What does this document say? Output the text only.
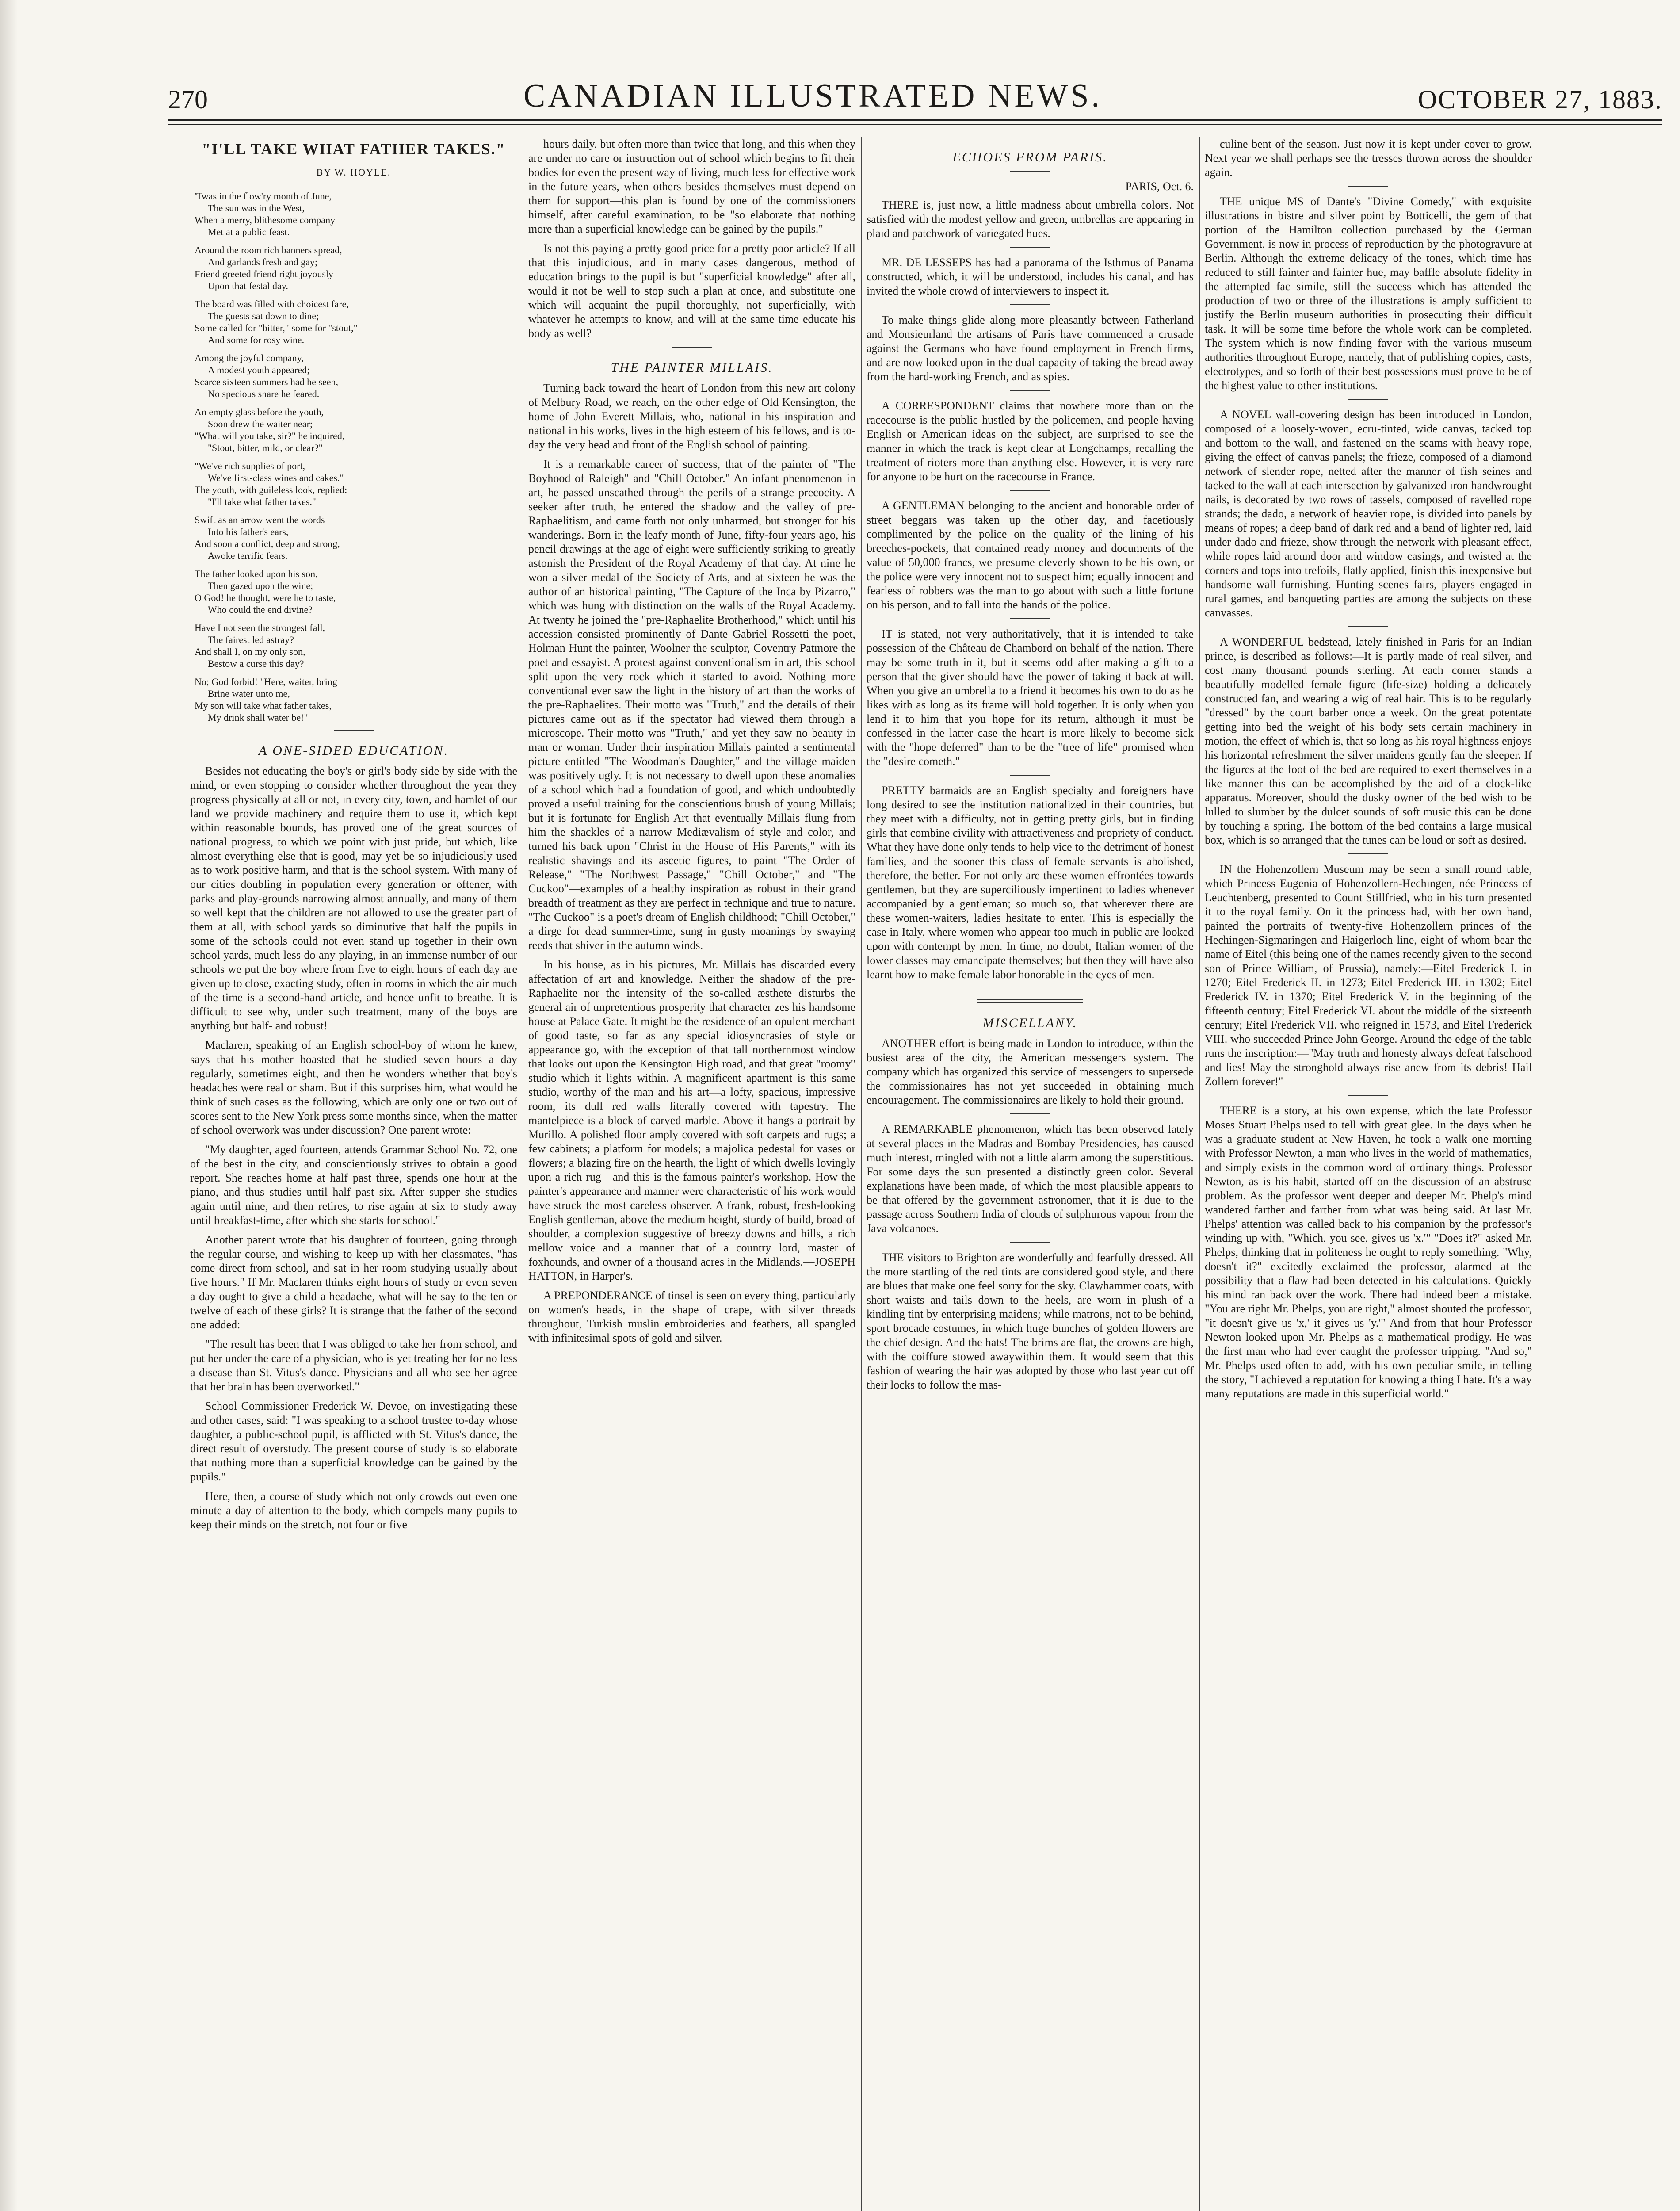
270	CANADIAN ILLUSTRATED NEWS.	OCTOBER 27, 1883.
"I'LL TAKE WHAT FATHER TAKES."
BY W. HOYLE.

'Twas in the flow'ry month of June,

The sun was in the West,

When a merry, blithesome company

Met at a public feast.

Around the room rich banners spread,

And garlands fresh and gay;

Friend greeted friend right joyously

Upon that festal day.

The board was filled with choicest fare,

The guests sat down to dine;

Some called for "bitter," some for "stout,"

And some for rosy wine.

Among the joyful company,

A modest youth appeared;

Scarce sixteen summers had he seen,

No specious snare he feared.

An empty glass before the youth,

Soon drew the waiter near;

"What will you take, sir?" he inquired,

"Stout, bitter, mild, or clear?"

"We've rich supplies of port,

We've first-class wines and cakes."

The youth, with guileless look, replied:

"I'll take what father takes."

Swift as an arrow went the words

Into his father's ears,

And soon a conflict, deep and strong,

Awoke terrific fears.

The father looked upon his son,

Then gazed upon the wine;

O God! he thought, were he to taste,

Who could the end divine?

Have I not seen the strongest fall,

The fairest led astray?

And shall I, on my only son,

Bestow a curse this day?

No; God forbid! "Here, waiter, bring

Brine water unto me,

My son will take what father takes,

My drink shall water be!"

A ONE-SIDED EDUCATION.

Besides not educating the boy's or girl's body side by side with the mind, or even stopping to consider whether throughout the year they progress physically at all or not, in every city, town, and hamlet of our land we provide machinery and require them to use it, which kept within reasonable bounds, has proved one of the great sources of national progress, to which we point with just pride, but which, like almost everything else that is good, may yet be so injudiciously used as to work positive harm, and that is the school system. With many of our cities doubling in population every generation or oftener, with parks and play-grounds narrowing almost annually, and many of them so well kept that the children are not allowed to use the greater part of them at all, with school yards so diminutive that half the pupils in some of the schools could not even stand up together in their own school yards, much less do any playing, in an immense number of our schools we put the boy where from five to eight hours of each day are given up to close, exacting study, often in rooms in which the air much of the time is a second-hand article, and hence unfit to breathe. It is difficult to see why, under such treatment, many of the boys are anything but half- and robust!

Maclaren, speaking of an English school-boy of whom he knew, says that his mother boasted that he studied seven hours a day regularly, sometimes eight, and then he wonders whether that boy's headaches were real or sham. But if this surprises him, what would he think of such cases as the following, which are only one or two out of scores sent to the New York press some months since, when the matter of school overwork was under discussion? One parent wrote:

"My daughter, aged fourteen, attends Grammar School No. 72, one of the best in the city, and conscientiously strives to obtain a good report. She reaches home at half past three, spends one hour at the piano, and thus studies until half past six. After supper she studies again until nine, and then retires, to rise again at six to study away until breakfast-time, after which she starts for school."

Another parent wrote that his daughter of fourteen, going through the regular course, and wishing to keep up with her classmates, "has come direct from school, and sat in her room studying usually about five hours." If Mr. Maclaren thinks eight hours of study or even seven a day ought to give a child a headache, what will he say to the ten or twelve of each of these girls? It is strange that the father of the second one added:

"The result has been that I was obliged to take her from school, and put her under the care of a physician, who is yet treating her for no less a disease than St. Vitus's dance. Physicians and all who see her agree that her brain has been overworked."

School Commissioner Frederick W. Devoe, on investigating these and other cases, said: "I was speaking to a school trustee to-day whose daughter, a public-school pupil, is afflicted with St. Vitus's dance, the direct result of overstudy. The present course of study is so elaborate that nothing more than a superficial knowledge can be gained by the pupils."

Here, then, a course of study which not only crowds out even one minute a day of attention to the body, which compels many pupils to keep their minds on the stretch, not four or five

hours daily, but often more than twice that long, and this when they are under no care or instruction out of school which begins to fit their bodies for even the present way of living, much less for effective work in the future years, when others besides themselves must depend on them for support—this plan is found by one of the commissioners himself, after careful examination, to be "so elaborate that nothing more than a superficial knowledge can be gained by the pupils."

Is not this paying a pretty good price for a pretty poor article? If all that this injudicious, and in many cases dangerous, method of education brings to the pupil is but "superficial knowledge" after all, would it not be well to stop such a plan at once, and substitute one which will acquaint the pupil thoroughly, not superficially, with whatever he attempts to know, and will at the same time educate his body as well?

THE PAINTER MILLAIS.

Turning back toward the heart of London from this new art colony of Melbury Road, we reach, on the other edge of Old Kensington, the home of John Everett Millais, who, national in his inspiration and national in his works, lives in the high esteem of his fellows, and is to-day the very head and front of the English school of painting.

It is a remarkable career of success, that of the painter of "The Boyhood of Raleigh" and "Chill October." An infant phenomenon in art, he passed unscathed through the perils of a strange precocity. A seeker after truth, he entered the shadow and the valley of pre-Raphaelitism, and came forth not only unharmed, but stronger for his wanderings. Born in the leafy month of June, fifty-four years ago, his pencil drawings at the age of eight were sufficiently striking to greatly astonish the President of the Royal Academy of that day. At nine he won a silver medal of the Society of Arts, and at sixteen he was the author of an historical painting, "The Capture of the Inca by Pizarro," which was hung with distinction on the walls of the Royal Academy. At twenty he joined the "pre-Raphaelite Brotherhood," which until his accession consisted prominently of Dante Gabriel Rossetti the poet, Holman Hunt the painter, Woolner the sculptor, Coventry Patmore the poet and essayist. A protest against conventionalism in art, this school split upon the very rock which it started to avoid. Nothing more conventional ever saw the light in the history of art than the works of the pre-Raphaelites. Their motto was "Truth," and the details of their pictures came out as if the spectator had viewed them through a microscope. Their motto was "Truth," and yet they saw no beauty in man or woman. Under their inspiration Millais painted a sentimental picture entitled "The Woodman's Daughter," and the village maiden was positively ugly. It is not necessary to dwell upon these anomalies of a school which had a foundation of good, and which undoubtedly proved a useful training for the conscientious brush of young Millais; but it is fortunate for English Art that eventually Millais flung from him the shackles of a narrow Mediævalism of style and color, and turned his back upon "Christ in the House of His Parents," with its realistic shavings and its ascetic figures, to paint "The Order of Release," "The Northwest Passage," "Chill October," and "The Cuckoo"—examples of a healthy inspiration as robust in their grand breadth of treatment as they are perfect in technique and true to nature. "The Cuckoo" is a poet's dream of English childhood; "Chill October," a dirge for dead summer-time, sung in gusty moanings by swaying reeds that shiver in the autumn winds.

In his house, as in his pictures, Mr. Millais has discarded every affectation of art and knowledge. Neither the shadow of the pre-Raphaelite nor the intensity of the so-called æsthete disturbs the general air of unpretentious prosperity that character zes his handsome house at Palace Gate. It might be the residence of an opulent merchant of good taste, so far as any special idiosyncrasies of style or appearance go, with the exception of that tall northernmost window that looks out upon the Kensington High road, and that great "roomy" studio which it lights within. A magnificent apartment is this same studio, worthy of the man and his art—a lofty, spacious, impressive room, its dull red walls literally covered with tapestry. The mantelpiece is a block of carved marble. Above it hangs a portrait by Murillo. A polished floor amply covered with soft carpets and rugs; a few cabinets; a platform for models; a majolica pedestal for vases or flowers; a blazing fire on the hearth, the light of which dwells lovingly upon a rich rug—and this is the famous painter's workshop. How the painter's appearance and manner were characteristic of his work would have struck the most careless observer. A frank, robust, fresh-looking English gentleman, above the medium height, sturdy of build, broad of shoulder, a complexion suggestive of breezy downs and hills, a rich mellow voice and a manner that of a country lord, master of foxhounds, and owner of a thousand acres in the Midlands.—JOSEPH HATTON, in Harper's.

A PREPONDERANCE of tinsel is seen on every thing, particularly on women's heads, in the shape of crape, with silver threads throughout, Turkish muslin embroideries and feathers, all spangled with infinitesimal spots of gold and silver.

ECHOES FROM PARIS.
PARIS, Oct. 6.

THERE is, just now, a little madness about umbrella colors. Not satisfied with the modest yellow and green, umbrellas are appearing in plaid and patchwork of variegated hues.

MR. DE LESSEPS has had a panorama of the Isthmus of Panama constructed, which, it will be understood, includes his canal, and has invited the whole crowd of interviewers to inspect it.

To make things glide along more pleasantly between Fatherland and Monsieurland the artisans of Paris have commenced a crusade against the Germans who have found employment in French firms, and are now looked upon in the dual capacity of taking the bread away from the hard-working French, and as spies.

A CORRESPONDENT claims that nowhere more than on the racecourse is the public hustled by the policemen, and people having English or American ideas on the subject, are surprised to see the manner in which the track is kept clear at Longchamps, recalling the treatment of rioters more than anything else. However, it is very rare for anyone to be hurt on the racecourse in France.

A GENTLEMAN belonging to the ancient and honorable order of street beggars was taken up the other day, and facetiously complimented by the police on the quality of the lining of his breeches-pockets, that contained ready money and documents of the value of 50,000 francs, we presume cleverly shown to be his own, or the police were very innocent not to suspect him; equally innocent and fearless of robbers was the man to go about with such a little fortune on his person, and to fall into the hands of the police.

IT is stated, not very authoritatively, that it is intended to take possession of the Château de Chambord on behalf of the nation. There may be some truth in it, but it seems odd after making a gift to a person that the giver should have the power of taking it back at will. When you give an umbrella to a friend it becomes his own to do as he likes with as long as its frame will hold together. It is only when you lend it to him that you hope for its return, although it must be confessed in the latter case the heart is more likely to become sick with the "hope deferred" than to be the "tree of life" promised when the "desire cometh."

PRETTY barmaids are an English specialty and foreigners have long desired to see the institution nationalized in their countries, but they meet with a difficulty, not in getting pretty girls, but in finding girls that combine civility with attractiveness and propriety of conduct. What they have done only tends to help vice to the detriment of honest families, and the sooner this class of female servants is abolished, therefore, the better. For not only are these women effrontées towards gentlemen, but they are superciliously impertinent to ladies whenever accompanied by a gentleman; so much so, that wherever there are these women-waiters, ladies hesitate to enter. This is especially the case in Italy, where women who appear too much in public are looked upon with contempt by men. In time, no doubt, Italian women of the lower classes may emancipate themselves; but then they will have also learnt how to make female labor honorable in the eyes of men.

MISCELLANY.

ANOTHER effort is being made in London to introduce, within the busiest area of the city, the American messengers system. The company which has organized this service of messengers to supersede the commissionaires has not yet succeeded in obtaining much encouragement. The commissionaires are likely to hold their ground.

A REMARKABLE phenomenon, which has been observed lately at several places in the Madras and Bombay Presidencies, has caused much interest, mingled with not a little alarm among the superstitious. For some days the sun presented a distinctly green color. Several explanations have been made, of which the most plausible appears to be that offered by the government astronomer, that it is due to the passage across Southern India of clouds of sulphurous vapour from the Java volcanoes.

THE visitors to Brighton are wonderfully and fearfully dressed. All the more startling of the red tints are considered good style, and there are blues that make one feel sorry for the sky. Clawhammer coats, with short waists and tails down to the heels, are worn in plush of a kindling tint by enterprising maidens; while matrons, not to be behind, sport brocade costumes, in which huge bunches of golden flowers are the chief design. And the hats! The brims are flat, the crowns are high, with the coiffure stowed awaywithin them. It would seem that this fashion of wearing the hair was adopted by those who last year cut off their locks to follow the mas-

culine bent of the season. Just now it is kept under cover to grow. Next year we shall perhaps see the tresses thrown across the shoulder again.

THE unique MS of Dante's "Divine Comedy," with exquisite illustrations in bistre and silver point by Botticelli, the gem of that portion of the Hamilton collection purchased by the German Government, is now in process of reproduction by the photogravure at Berlin. Although the extreme delicacy of the tones, which time has reduced to still fainter and fainter hue, may baffle absolute fidelity in the attempted fac simile, still the success which has attended the production of two or three of the illustrations is amply sufficient to justify the Berlin museum authorities in prosecuting their difficult task. It will be some time before the whole work can be completed. The system which is now finding favor with the various museum authorities throughout Europe, namely, that of publishing copies, casts, electrotypes, and so forth of their best possessions must prove to be of the highest value to other institutions.

A NOVEL wall-covering design has been introduced in London, composed of a loosely-woven, ecru-tinted, wide canvas, tacked top and bottom to the wall, and fastened on the seams with heavy rope, giving the effect of canvas panels; the frieze, composed of a diamond network of slender rope, netted after the manner of fish seines and tacked to the wall at each intersection by galvanized iron handwrought nails, is decorated by two rows of tassels, composed of ravelled rope strands; the dado, a network of heavier rope, is divided into panels by means of ropes; a deep band of dark red and a band of lighter red, laid under dado and frieze, show through the network with pleasant effect, while ropes laid around door and window casings, and twisted at the corners and tops into trefoils, flatly applied, finish this inexpensive but handsome wall furnishing. Hunting scenes fairs, players engaged in rural games, and banqueting parties are among the subjects on these canvasses.

A WONDERFUL bedstead, lately finished in Paris for an Indian prince, is described as follows:—It is partly made of real silver, and cost many thousand pounds sterling. At each corner stands a beautifully modelled female figure (life-size) holding a delicately constructed fan, and wearing a wig of real hair. This is to be regularly "dressed" by the court barber once a week. On the great potentate getting into bed the weight of his body sets certain machinery in motion, the effect of which is, that so long as his royal highness enjoys his horizontal refreshment the silver maidens gently fan the sleeper. If the figures at the foot of the bed are required to exert themselves in a like manner this can be accomplished by the aid of a clock-like apparatus. Moreover, should the dusky owner of the bed wish to be lulled to slumber by the dulcet sounds of soft music this can be done by touching a spring. The bottom of the bed contains a large musical box, which is so arranged that the tunes can be loud or soft as desired.

IN the Hohenzollern Museum may be seen a small round table, which Princess Eugenia of Hohenzollern-Hechingen, née Princess of Leuchtenberg, presented to Count Stillfried, who in his turn presented it to the royal family. On it the princess had, with her own hand, painted the portraits of twenty-five Hohenzollern princes of the Hechingen-Sigmaringen and Haigerloch line, eight of whom bear the name of Eitel (this being one of the names recently given to the second son of Prince William, of Prussia), namely:—Eitel Frederick I. in 1270; Eitel Frederick II. in 1273; Eitel Frederick III. in 1302; Eitel Frederick IV. in 1370; Eitel Frederick V. in the beginning of the fifteenth century; Eitel Frederick VI. about the middle of the sixteenth century; Eitel Frederick VII. who reigned in 1573, and Eitel Frederick VIII. who succeeded Prince John George. Around the edge of the table runs the inscription:—"May truth and honesty always defeat falsehood and lies! May the stronghold always rise anew from its debris! Hail Zollern forever!"

THERE is a story, at his own expense, which the late Professor Moses Stuart Phelps used to tell with great glee. In the days when he was a graduate student at New Haven, he took a walk one morning with Professor Newton, a man who lives in the world of mathematics, and simply exists in the common word of ordinary things. Professor Newton, as is his habit, started off on the discussion of an abstruse problem. As the professor went deeper and deeper Mr. Phelp's mind wandered farther and farther from what was being said. At last Mr. Phelps' attention was called back to his companion by the professor's winding up with, "Which, you see, gives us 'x.'" "Does it?" asked Mr. Phelps, thinking that in politeness he ought to reply something. "Why, doesn't it?" excitedly exclaimed the professor, alarmed at the possibility that a flaw had been detected in his calculations. Quickly his mind ran back over the work. There had indeed been a mistake. "You are right Mr. Phelps, you are right," almost shouted the professor, "it doesn't give us 'x,' it gives us 'y.'" And from that hour Professor Newton looked upon Mr. Phelps as a mathematical prodigy. He was the first man who had ever caught the professor tripping. "And so," Mr. Phelps used often to add, with his own peculiar smile, in telling the story, "I achieved a reputation for knowing a thing I hate. It's a way many reputations are made in this superficial world."
